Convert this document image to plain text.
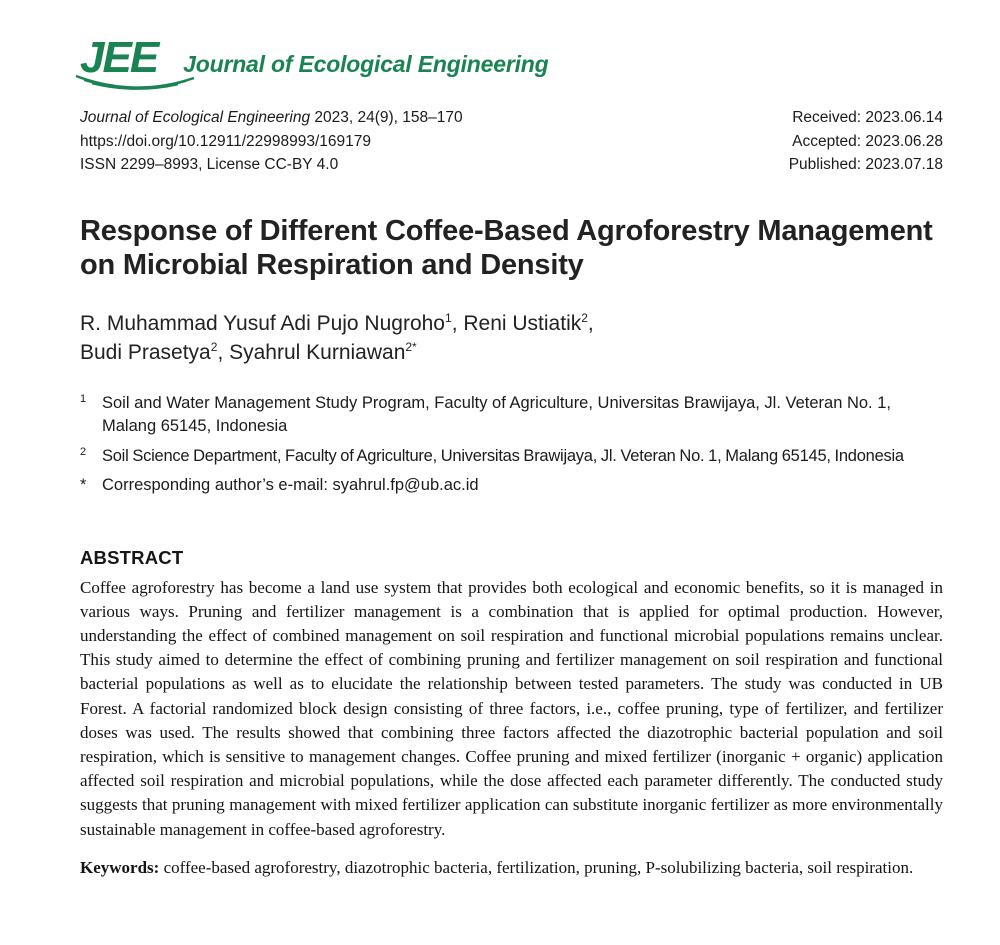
JEE	Journal of Ecological Engineering
Journal of Ecological Engineering 2023, 24(9), 158–170
https://doi.org/10.12911/22998993/169179
ISSN 2299–8993, License CC-BY 4.0
Received: 2023.06.14
Accepted: 2023.06.28
Published: 2023.07.18
Response of Different Coffee-Based Agroforestry Management
on Microbial Respiration and Density
R. Muhammad Yusuf Adi Pujo Nugroho$^1$, Reni Ustiatik$^2$,
Budi Prasetya$^2$, Syahrul Kurniawan$^{2*}$
1 Soil and Water Management Study Program, Faculty of Agriculture, Universitas Brawijaya, Jl. Veteran No. 1, Malang 65145, Indonesia
2 Soil Science Department, Faculty of Agriculture, Universitas Brawijaya, Jl. Veteran No. 1, Malang 65145, Indonesia
* Corresponding author’s e-mail: syahrul.fp@ub.ac.id
ABSTRACT
Coffee agroforestry has become a land use system that provides both ecological and economic benefits, so it is managed in various ways. Pruning and fertilizer management is a combination that is applied for optimal production. However, understanding the effect of combined management on soil respiration and functional microbial populations remains unclear. This study aimed to determine the effect of combining pruning and fertilizer management on soil respiration and functional bacterial populations as well as to elucidate the relationship between tested parameters. The study was conducted in UB Forest. A factorial randomized block design consisting of three factors, i.e., coffee pruning, type of fertilizer, and fertilizer doses was used. The results showed that combining three factors affected the diazotrophic bacterial population and soil respiration, which is sensitive to management changes. Coffee pruning and mixed fertilizer (inorganic + organic) application affected soil respiration and microbial populations, while the dose affected each parameter differently. The conducted study suggests that pruning management with mixed fertilizer application can substitute inorganic fertilizer as more environmentally sustainable management in coffee-based agroforestry.
Keywords: coffee-based agroforestry, diazotrophic bacteria, fertilization, pruning, P-solubilizing bacteria, soil respiration.
